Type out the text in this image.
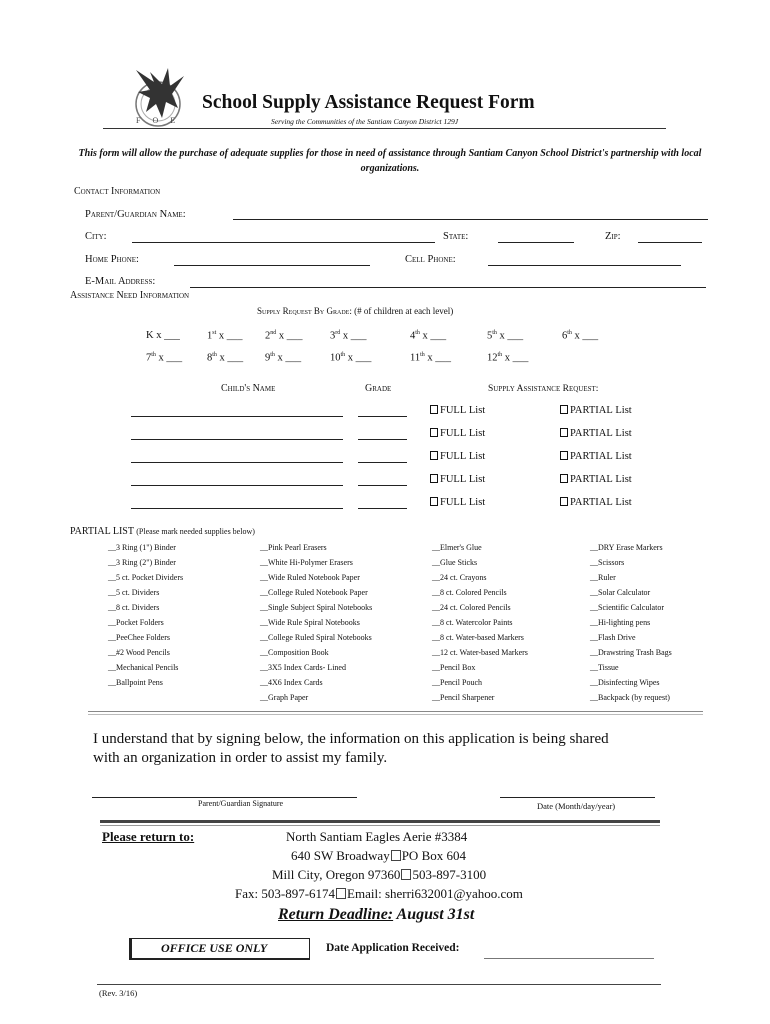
F O E
School Supply Assistance Request Form
Serving the Communities of the Santiam Canyon District 129J
This form will allow the purchase of adequate supplies for those in need of assistance through Santiam Canyon School District's partnership with local organizations.
Contact Information
Parent/Guardian Name:
City:	State:	Zip:
Home Phone:	Cell Phone:
E-Mail Address:
Assistance Need Information
Supply Request By Grade: (# of children at each level)
K x ___	1st x ___ 2nd x ___	3rd x ___	4th x ___	5th x ___	6th x ___
7th x ___ 8th x ___ 9th x ___	10th x ___	11th x ___	12th x ___
Child's Name	Grade	Supply Assistance Request:
FULL List	PARTIAL List
FULL List	PARTIAL List
FULL List	PARTIAL List
FULL List	PARTIAL List
FULL List	PARTIAL List
PARTIAL LIST (Please mark needed supplies below)
__3 Ring (1") Binder
__3 Ring (2") Binder
__5 ct. Pocket Dividers
__5 ct. Dividers
__8 ct. Dividers
__Pocket Folders
__PeeChee Folders
__#2 Wood Pencils
__Mechanical Pencils
__Ballpoint Pens
__Pink Pearl Erasers
__White Hi-Polymer Erasers
__Wide Ruled Notebook Paper
__College Ruled Notebook Paper
__Single Subject Spiral Notebooks
__Wide Rule Spiral Notebooks
__College Ruled Spiral Notebooks
__Composition Book
__3X5 Index Cards- Lined
__4X6 Index Cards
__Graph Paper
__Elmer's Glue
__Glue Sticks
__24 ct. Crayons
__8 ct. Colored Pencils
__24 ct. Colored Pencils
__8 ct. Watercolor Paints
__8 ct. Water-based Markers
__12 ct. Water-based Markers
__Pencil Box
__Pencil Pouch
__Pencil Sharpener
__DRY Erase Markers
__Scissors
__Ruler
__Solar Calculator
__Scientific Calculator
__Hi-lighting pens
__Flash Drive
__Drawstring Trash Bags
__Tissue
__Disinfecting Wipes
__Backpack (by request)
I understand that by signing below, the information on this application is being shared
with an organization in order to assist my family.
Parent/Guardian Signature	Date (Month/day/year)
Please return to:	North Santiam Eagles Aerie #3384
640 SW Broadway PO Box 604
Mill City, Oregon 97360 503-897-3100
Fax: 503-897-6174 Email: sherri632001@yahoo.com
Return Deadline: August 31st
OFFICE USE ONLY	Date Application Received:
(Rev. 3/16)
